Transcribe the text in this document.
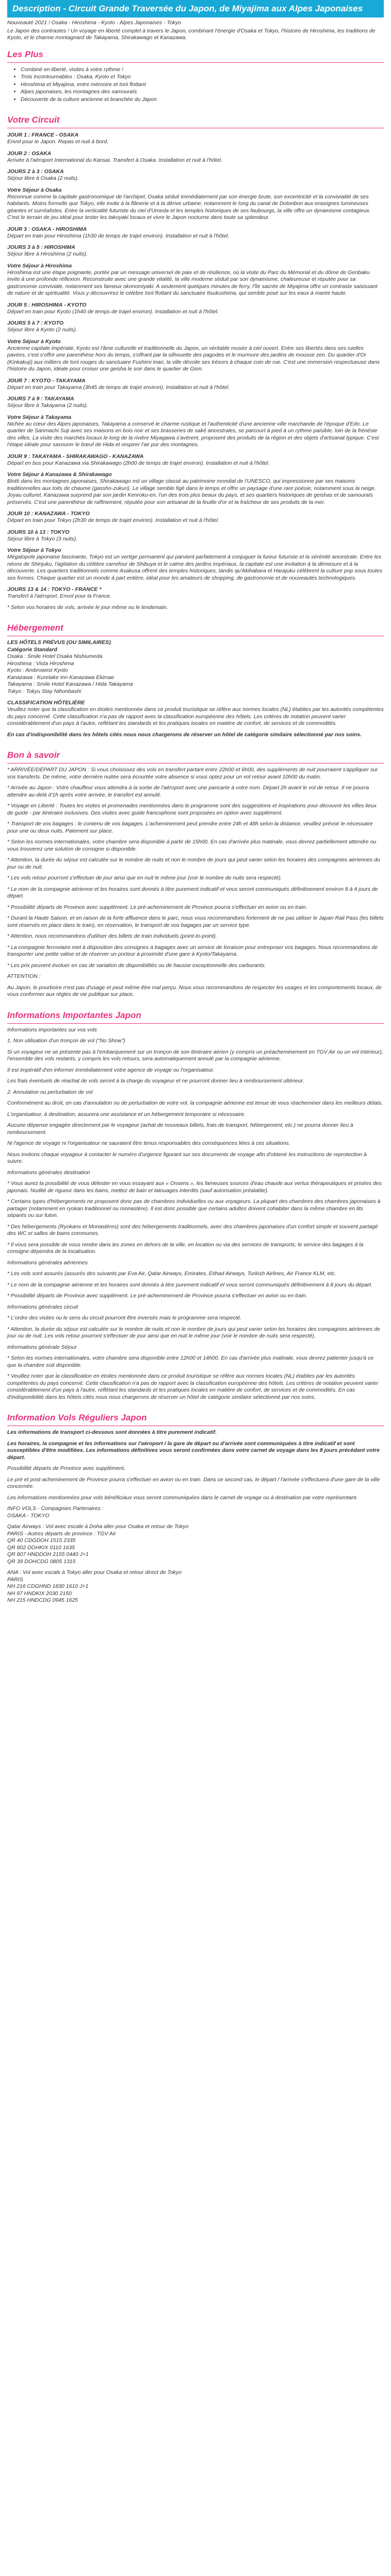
Description - Circuit Grande Traversée du Japon, de Miyajima aux Alpes Japonaises

Nouveauté 2021 ! Osaka - Hiroshima - Kyoto - Alpes Japonaises - Tokyo

Le Japon des contrastes ! Un voyage en liberté complet à travers le Japon, combinant l'énergie d'Osaka et Tokyo, l'histoire de Hiroshima, les traditions de Kyoto, et le charme montagnard de Takayama, Shirakawago et Kanazawa.

Les Plus
• Combiné en liberté, visites à votre rythme !
• Trois incontournables : Osaka, Kyoto et Tokyo
• Hiroshima et Miyajima, entre mémoire et torii flottant
• Alpes japonaises, les montagnes des samouraïs
• Découverte de la culture ancienne et branchée du Japon
Votre Circuit

JOUR 1 : FRANCE - OSAKA

Envol pour le Japon. Repas et nuit à bord.

JOUR 2 : OSAKA

Arrivée à l'aéroport International du Kansai. Transfert à Osaka. Installation et nuit à l'hôtel.

JOURS 2 à 3 : OSAKA

Séjour libre à Osaka (2 nuits).

Votre Séjour à Osaka

Reconnue comme la capitale gastronomique de l'archipel, Osaka séduit immédiatement par son énergie brute, son excentricité et la convivialité de ses habitants. Moins formelle que Tokyo, elle invite à la flânerie et à la dérive urbaine, notamment le long du canal de Dotonbori aux enseignes lumineuses géantes et surréalistes. Entre la verticalité futuriste du ciel d'Umeda et les temples historiques de ses faubourgs, la ville offre un dynamisme contagieux. C'est le terrain de jeu idéal pour tester les takoyaki locaux et vivre le Japon nocturne dans toute sa splendeur.

JOUR 3 : OSAKA - HIROSHIMA

Départ en train pour Hiroshima (1h30 de temps de trajet environ). Installation et nuit à l'hôtel.

JOURS 3 à 5 : HIROSHIMA

Séjour libre à Hiroshima (2 nuits).

Votre Séjour à Hiroshima

Hiroshima est une étape poignante, portée par un message universel de paix et de résilience, où la visite du Parc du Mémorial et du dôme de Genbaku invite à une profonde réflexion. Reconstruite avec une grande vitalité, la ville moderne séduit par son dynamisme, chaleureuse et réputée pour sa gastronomie conviviale, notamment ses fameux okonomiyaki. A seulement quelques minutes de ferry, l'île sacrée de Miyajima offre un contraste saisissant de nature et de spiritualité. Vous y découvrirez le célèbre torii flottant du sanctuaire Itsukushima, qui semble posé sur les eaux à marée haute.

JOUR 5 : HIROSHIMA - KYOTO

Départ en train pour Kyoto (1h40 de temps de trajet environ). Installation et nuit à l'hôtel.

JOURS 5 à 7 : KYOTO

Séjour libre à Kyoto (2 nuits).

Votre Séjour à Kyoto

Ancienne capitale impériale, Kyoto est l'âme culturelle et traditionnelle du Japon, un véritable musée à ciel ouvert. Entre ses libertés dans ses ruelles pavées, c'est s'offrir une parenthèse hors du temps, s'offrant par la silhouette des pagodes et le murmure des jardins de mousse zen. Du quartier d'Or (Kinkakuji) aux milliers de torii rouges du sanctuaire Fushimi Inari, la ville dévoile ses trésors à chaque coin de rue. C'est une immersion respectueuse dans l'histoire du Japon, idéale pour croiser une geisha le soir dans le quartier de Gion.

JOUR 7 : KYOTO - TAKAYAMA

Départ en train pour Takayama (3h45 de temps de trajet environ). Installation et nuit à l'hôtel.

JOURS 7 à 9 : TAKAYAMA

Séjour libre à Takayama (2 nuits).

Votre Séjour à Takayama

Nichée au cœur des Alpes japonaises, Takayama a conservé le charme rustique et l'authenticité d'une ancienne ville marchande de l'époque d'Edo. Le quartier de Sanmachi Suji avec ses maisons en bois noir et ses brasseries de saké ancestrales, se parcourt à pied à un rythme paisible, loin de la frénésie des villes. La visite des marchés locaux le long de la rivière Miyagawa s'avèrent, proposent des produits de la région et des objets d'artisanat typique. C'est l'étape idéale pour savourer le bœuf de Hida et respirer l'air pur des montagnes.

JOUR 9 : TAKAYAMA - SHIRAKAWAGO - KANAZAWA

Départ en bus pour Kanazawa via Shirakawago (2h00 de temps de trajet environ). Installation et nuit à l'hôtel.

Votre Séjour à Kanazawa & Shirakawago

Blotti dans les montagnes japonaises, Shirakawago est un village classé au patrimoine mondial de l'UNESCO, qui impressionne par ses maisons traditionnelles aux toits de chaume (gassho-zukuri). Le village semble figé dans le temps et offre un paysage d'une rare poésie, notamment sous la neige. Joyau culturel, Kanazawa surprend par son jardin Kenroku-en, l'un des trois plus beaux du pays, et ses quartiers historiques de geishas et de samouraïs préservés. C'est une parenthèse de raffinement, réputée pour son artisanat de la feuille d'or et la fraîcheur de ses produits de la mer.

JOUR 10 : KANAZAWA - TOKYO

Départ en train pour Tokyo (2h30 de temps de trajet environ). Installation et nuit à l'hôtel.

JOURS 10 à 13 : TOKYO

Séjour libre à Tokyo (3 nuits).

Votre Séjour à Tokyo

Mégalopole japonaise fascinante, Tokyo est un vertige permanent qui parvient parfaitement à conjuguer la fureur futuriste et la sérénité ancestrale. Entre les néons de Shinjuku, l'agitation du célèbre carrefour de Shibuya et le calme des jardins impériaux, la capitale est une invitation à la démesure et à la découverte. Les quartiers traditionnels comme Asakusa offrent des temples historiques, tandis qu'Akihabara et Harajuku célèbrent la culture pop sous toutes ses formes. Chaque quartier est un monde à part entière, idéal pour les amateurs de shopping, de gastronomie et de nouveautés technologiques.

JOURS 13 & 14 : TOKYO - FRANCE *

Transfert à l'aéroport. Envol pour la France.

* Selon vos horaires de vols, arrivée le jour même ou le lendemain.

Hébergement

LES HÔTELS PRÉVUS (OU SIMILAIRES)

Catégorie Standard

Osaka : Smile Hotel Osaka Nishiumeda

Hiroshima : Vista Hiroshima

Kyoto : Ambrowest Kyoto

Kanazawa : Kuretake Inn Kanazawa Ekimae

Takayama : Smile Hotel Kanazawa / Hida Takayama

Tokyo : Tokyu Stay Nihonbashi

CLASSIFICATION HÔTELIÈRE

Veuillez noter que la classification en étoiles mentionnée dans ce produit touristique se réfère aux normes locales (NL) établies par les autorités compétentes du pays concerné. Cette classification n'a pas de rapport avec la classification européenne des hôtels. Les critères de notation peuvent varier considérablement d'un pays à l'autre, reflétant les standards et les pratiques locales en matière de confort, de services et de commodités.

En cas d'indisponibilité dans les hôtels cités nous nous chargerons de réserver un hôtel de catégorie similaire sélectionné par nos soins.

Bon à savoir

* ARRIVÉE/DÉPART DU JAPON : Si vous choisissez des vols en transfert partant entre 22h00 et 6h00, des suppléments de nuit pourraient s'appliquer sur vos transferts. De même, votre dernière nuitée sera écourtée votre absence si vous optez pour un vol retour avant 10h00 du matin.

* Arrivée au Japon : Votre chauffeur vous attendra à la sortie de l'aéroport avec une pancarte à votre nom. Départ 2h avant le vol de retour. Il ne pourra attendre au-delà d'1h après votre arrivée, le transfert est annulé.

* Voyage en Liberté : Toutes les visites et promenades mentionnées dans le programme sont des suggestions et inspirations pour découvrir les villes lieux de guide - par itinéraire inclusives. Des visites avec guide francophone sont proposées en option avec supplément.

* Transport de vos bagages : le contenu de vos bagages. L'acheminement peut prendre entre 24h et 48h selon la distance, veuillez prévoir le nécessaire pour une ou deux nuits. Paiement sur place.

* Selon les normes internationales, votre chambre sera disponible à partir de 15h00. En cas d'arrivée plus matinale, vous devrez partiellement attendre ou vous trouverez une solution de consigne si disponible.

* Attention, la durée du séjour est calculée sur le nombre de nuits et non le nombre de jours qui peut varier selon les horaires des compagnies aériennes du jour ou de nuit.

* Les vols retour pourront s'effectuer de jour ainsi que en nuit le même jour (voir le nombre de nuits sera respecté).

* Le nom de la compagnie aérienne et les horaires sont donnés à titre purement indicatif et vous seront communiqués définitivement environ 8 à 4 jours de départ.

* Possibilité départs de Province avec supplément. Le pré-acheminement de Province pourra s'effectuer en avion ou en train.

* Durant la Haute Saison, et en raison de la forte affluence dans le parc, nous vous recommandons fortement de ne pas utiliser le Japan Rail Pass (les billets sont réservés en place dans le train), en réservation, le transport de vos bagages par un service type.

* Attention, nous recommandons d'utiliser des billets de train individuels (point-to-point).

* La compagnie ferroviaire met à disposition des consignes à bagages avec un service de livraison pour entreposer vos bagages. Nous recommandons de transporter une petite valise et de réserver un porteur à proximité d'une gare à Kyoto/Takayama.

* Les prix peuvent évoluer en cas de variation de disponibilités ou de hausse exceptionnelle des carburants.

ATTENTION :

Au Japon, le pourboire n'est pas d'usage et peut même être mal perçu. Nous vous recommandons de respecter les usages et les comportements locaux, de vous conformer aux règles de vie publique sur place.

Informations Importantes Japon

Informations importantes sur vos vols

1. Non utilisation d'un tronçon de vol ("No Show")

Si un voyageur ne se présente pas à l'embarquement sur un tronçon de son itinéraire aérien (y compris un préacheminement en TGV Air ou un vol intérieur), l'ensemble des vols restants, y compris les vols retours, sera automatiquement annulé par la compagnie aérienne.

Il est impératif d'en informer immédiatement votre agence de voyage ou l'organisateur.

Les frais éventuels de réachat de vols seront à la charge du voyageur et ne pourront donner lieu à remboursement ultérieur.

2. Annulation ou perturbation de vol

Conformément au droit, en cas d'annulation ou de perturbation de votre vol, la compagnie aérienne est tenue de vous réacheminer dans les meilleurs délais.

L'organisateur, à destination, assurera une assistance et un hébergement temporaire si nécessaire.

Aucune dépense engagée directement par le voyageur (achat de nouveaux billets, frais de transport, hébergement, etc.) ne pourra donner lieu à remboursement.

Ni l'agence de voyage ni l'organisateur ne sauraient être tenus responsables des conséquences liées à ces situations.

Nous invitons chaque voyageur à contacter le numéro d'urgence figurant sur ses documents de voyage afin d'obtenir les instructions de reprotection à suivre.

Informations générales destination

* Vous aurez la possibilité de vous délester en vous essayant aux « Onsens », les fameuses sources d'eau chaude aux vertus thérapeutiques et prisées des japonais. Nudité de rigueur dans les bains, mettez de bain et tatouages interdits (sauf autorisation préalable).

* Certains types d'hébergements ne proposent donc pas de chambres individuelles ou aux voyageurs. La plupart des chambres des chambres japonaises à partager (notamment en ryokan traditionnel ou monastère). Il est donc possible que certains adultes doivent cohabiter dans la même chambre en lits séparés ou sur futon.

* Des hébergements (Ryokans et Monastères) sont des hébergements traditionnels, avec des chambres japonaises d'un confort simple et souvent partagé des WC et salles de bains communes.

* Il vous sera possible de vous rendre dans les zones en dehors de la ville, en location ou via des services de transports; le service des bagages à la consigne dépendra de la localisation.

Informations générales aériennes

* Les vols sont assurés (assurés des suivants par Eva Air, Qatar Airways, Emirates, Etihad Airways, Turkish Airlines, Air France KLM, etc.

* Le nom de la compagnie aérienne et les horaires sont donnés à titre purement indicatif et vous seront communiqués définitivement à 8 jours du départ.

* Possibilité départs de Province avec supplément. Le pré-acheminement de Province pourra s'effectuer en avion ou en train.

Informations générales circuit

* L'ordre des visites ou le sens du circuit pourront être inversés mais le programme sera respecté.

* Attention, la durée du séjour est calculée sur le nombre de nuits et non le nombre de jours qui peut varier selon les horaires des compagnies aériennes de jour ou de nuit. Les vols retour pourront s'effectuer de jour ainsi que en nuit le même jour (voir le nombre de nuits sera respecté).

Informations générale Séjour

* Selon les normes internationales, votre chambre sera disponible entre 12h00 et 14h00. En cas d'arrivée plus matinale, vous devrez patienter jusqu'à ce que la chambre soit disponible.

* Veuillez noter que la classification en étoiles mentionnée dans ce produit touristique se réfère aux normes locales (NL) établies par les autorités compétentes du pays concerné. Cette classification n'a pas de rapport avec la classification européenne des hôtels. Les critères de notation peuvent varier considérablement d'un pays à l'autre, reflétant les standards et les pratiques locales en matière de confort, de services et de commodités. En cas d'indisponibilité dans les hôtels cités nous nous chargerons de réserver un hôtel de catégorie similaire sélectionné par nos soins.

Information Vols Réguliers Japon

Les informations de transport ci-dessous sont données à titre purement indicatif.

Les horaires, la compagnie et les informations sur l'aéroport / la gare de départ ou d'arrivée sont communiquées à titre indicatif et sont susceptibles d'être modifiées. Les informations définitives vous seront confirmées dans votre carnet de voyage dans les 8 jours précédant votre départ.

Possibilité départs de Province avec supplément.

Le pré et post-acheminement de Province pourra s'effectuer en avion ou en train. Dans ce second cas, le départ / l'arrivée s'effectuera d'une gare de la ville concernée.

Les informations mentionnées pour vols bénéficiaux vous seront communiquées dans le carnet de voyage ou à destination par votre représentant.

INFO VOLS - Compagnies Partenaires :

OSAKA - TOKYO

Qatar Airways : Vol avec escale à Doha aller pour Osaka et retour de Tokyo

PARIS - Autres départs de province : TGV Air

QR 40 CDGDOH 1515 2335

QR 802 DOHKIX 0110 1635

QR 807 HNDDOH 2155 0440 J+1

QR 39 DOHCDG 0805 1315

ANA : Vol avec escale à Tokyo aller pour Osaka et retour direct de Tokyo

PARIS

NH 216 CDGHND 1830 1610 J+1

NH 97 HNDKIX 2030 2150

NH 215 HNDCDG 0945 1625
